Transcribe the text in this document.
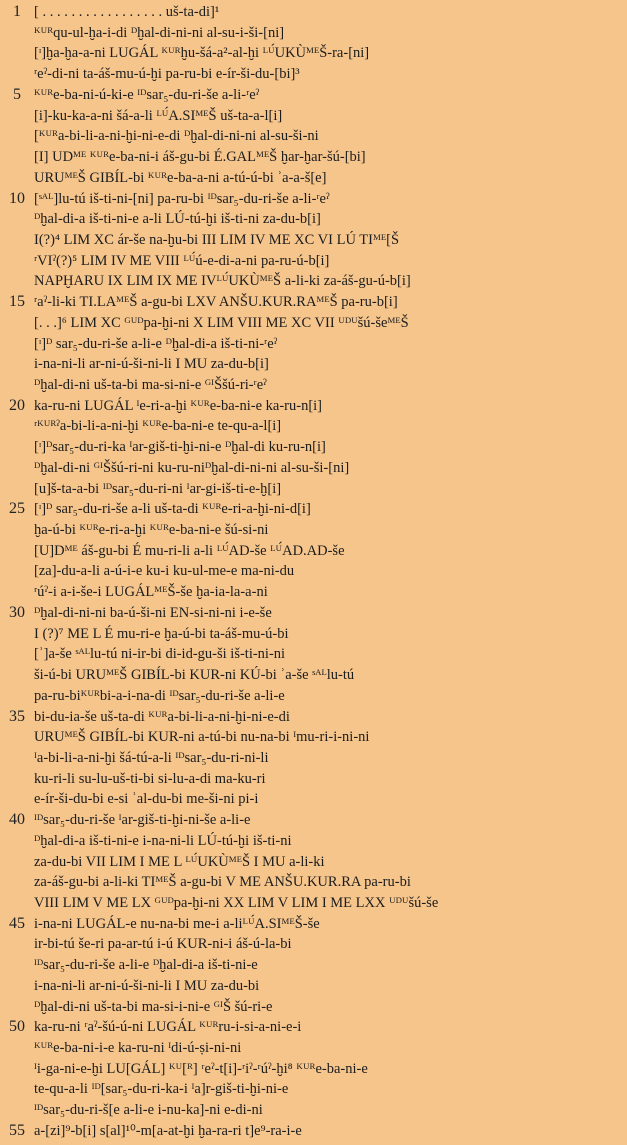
1 [ . . . . . . . . . . . . . . . . . uš-ta-di]¹
ᴷᵁᴿqu-ul-ḫa-i-di ᴰḫal-di-ni-ni al-su-i-ši-[ni]
[ᶦ]ḫa-ḫa-a-ni LUGÁL ᴷᵁᴿḫu-šá-a²-al-ḫi ᴸᵁ́UKÙᴹᴱŠ-ra-[ni]
ʳeˀ-di-ni ta-áš-mu-ú-ḫi pa-ru-bi e-ír-ši-du-[bi]³
5 ᴷᵁᴿe-ba-ni-ú-ki-e ᴵᴰsar₅-du-ri-še a-li-ʳeˀ
[i]-ku-ka-a-ni šá-a-li ᴸᵁ́A.SIᴹᴱŠ uš-ta-a-l[i]
[ᴷᵁᴿa-bi-li-a-ni-ḫi-ni-e-di ᴰḫal-di-ni-ni al-su-ši-ni
[I] UDᴹᴱ ᴷᵁᴿe-ba-ni-i áš-gu-bi É.GALᴹᴱŠ ḫar-ḫar-šú-[bi]
URUᴹᴱŠ GIBÍL-bi ᴷᵁᴿe-ba-a-ni a-tú-ú-bi ʾa-a-š[e]
10 [ˢᴬᴸ]lu-tú iš-ti-ni-[ni] pa-ru-bi ᴵᴰsar₅-du-ri-še a-li-ʳeˀ
ᴰḫal-di-a iš-ti-ni-e a-li LÚ-tú-ḫi iš-ti-ni za-du-b[i]
I(?)⁴ LIM XC ár-še na-ḫu-bi III LIM IV ME XC VI LÚ TIᴹᴱ[Š
ʳVIˀ(?)⁵ LIM IV ME VIII ᴸᵁ́ú-e-di-a-ni pa-ru-ú-b[i]
NAPḪARU IX LIM IX ME IVᴸᵁ́UKÙᴹᴱŠ a-li-ki za-áš-gu-ú-b[i]
15 ʳaˀ-li-ki TI.LAᴹᴱŠ a-gu-bi LXV ANŠU.KUR.RAᴹᴱŠ pa-ru-b[i]
[. . .]⁶ LIM XC ᴳᵁᴰpa-ḫi-ni X LIM VIII ME XC VII ᵁᴰᵁšú-šeᴹᴱŠ
[ᶦ]ᴰ sar₅-du-ri-še a-li-e ᴰḫal-di-a iš-ti-ni-ʳeˀ
i-na-ni-li ar-ni-ú-ši-ni-li I MU za-du-b[i]
ᴰḫal-di-ni uš-ta-bi ma-si-ni-e ᴳᴵŠšú-ri-ʳeˀ
20 ka-ru-ni LUGÁL ᴵe-ri-a-ḫi ᴷᵁᴿe-ba-ni-e ka-ru-n[i]
ʳᴷᵁᴿˀa-bi-li-a-ni-ḫi ᴷᵁᴿe-ba-ni-e te-qu-a-l[i]
[ᶦ]ᴰsar₅-du-ri-ka ᴵar-giš-ti-ḫi-ni-e ᴰḫal-di ku-ru-n[i]
ᴰḫal-di-ni ᴳᴵŠšú-ri-ni ku-ru-niᴰḫal-di-ni-ni al-su-ši-[ni]
[u]š-ta-a-bi ᴵᴰsar₅-du-ri-ni ᴵar-gi-iš-ti-e-ḫ[i]
25 [ᶦ]ᴰ sar₅-du-ri-še a-li uš-ta-di ᴷᵁᴿe-ri-a-ḫi-ni-d[i]
ḫa-ú-bi ᴷᵁᴿe-ri-a-ḫi ᴷᵁᴿe-ba-ni-e šú-si-ni
[U]Dᴹᴱ áš-gu-bi É mu-ri-li a-li ᴸᵁ́AD-še ᴸᵁ́AD.AD-še
[za]-du-a-li a-ú-i-e ku-i ku-ul-me-e ma-ni-du
ʳúˀ-i a-i-še-i LUGÁLᴹᴱŠ-še ḫa-ia-la-a-ni
30 ᴰḫal-di-ni-ni ba-ú-ši-ni EN-si-ni-ni i-e-še
I (?)⁷ ME L É mu-ri-e ḫa-ú-bi ta-áš-mu-ú-bi
[ʾ]a-še ˢᴬᴸlu-tú ni-ir-bi di-id-gu-ši iš-ti-ni-ni
ši-ú-bi URUᴹᴱŠ GIBÍL-bi KUR-ni KÚ-bi ʾa-še ˢᴬᴸlu-tú
pa-ru-biᴷᵁᴿbi-a-i-na-di ᴵᴰsar₅-du-ri-še a-li-e
35 bi-du-ia-še uš-ta-di ᴷᵁᴿa-bi-li-a-ni-ḫi-ni-e-di
URUᴹᴱŠ GIBÍL-bi KUR-ni a-tú-bi nu-na-bi ᴵmu-ri-i-ni-ni
ᴵa-bi-li-a-ni-ḫi šá-tú-a-li ᴵᴰsar₅-du-ri-ni-li
ku-ri-li su-lu-uš-ti-bi si-lu-a-di ma-ku-ri
e-ír-ši-du-bi e-si ʾal-du-bi me-ši-ni pi-i
40 ᴵᴰsar₅-du-ri-še ᴵar-giš-ti-ḫi-ni-še a-li-e
ᴰḫal-di-a iš-ti-ni-e i-na-ni-li LÚ-tú-ḫi iš-ti-ni
za-du-bi VII LIM I ME L ᴸᵁ́UKÙᴹᴱŠ I MU a-li-ki
za-áš-gu-bi a-li-ki TIᴹᴱŠ a-gu-bi V ME ANŠU.KUR.RA pa-ru-bi
VIII LIM V ME LX ᴳᵁᴰpa-ḫi-ni XX LIM V LIM I ME LXX ᵁᴰᵁšú-še
45 i-na-ni LUGÁL-e nu-na-bi me-i a-liᴸᵁ́A.SIᴹᴱŠ-še
ir-bi-tú še-ri pa-ar-tú i-ú KUR-ni-i áš-ú-la-bi
ᴵᴰsar₅-du-ri-še a-li-e ᴰḫal-di-a iš-ti-ni-e
i-na-ni-li ar-ni-ú-ši-ni-li I MU za-du-bi
ᴰḫal-di-ni uš-ta-bi ma-si-i-ni-e ᴳᴵŠ šú-ri-e
50 ka-ru-ni ʳaˀ-šú-ú-ni LUGÁL ᴷᵁᴿru-i-si-a-ni-e-i
ᴷᵁᴿe-ba-ni-i-e ka-ru-ni ᴵdi-ú-ṣi-ni-ni
ᴵi-ga-ni-e-ḫi LU[GÁL] ᴷᵁ[ᴿ] ʳeˀ-t[i]-ʳiˀ-ʳúˀ-ḫi⁸ ᴷᵁᴿe-ba-ni-e
te-qu-a-li ᴵᴰ[sar₅-du-ri-ka-i ᴵa]r-giš-ti-ḫi-ni-e
ᴵᴰsar₅-du-ri-š[e a-li-e i-nu-ka]-ni e-di-ni
55 a-[zi]⁹-b[i] s[al]¹⁰-m[a-at-ḫi ḫa-ra-ri t]e⁹-ra-i-e
